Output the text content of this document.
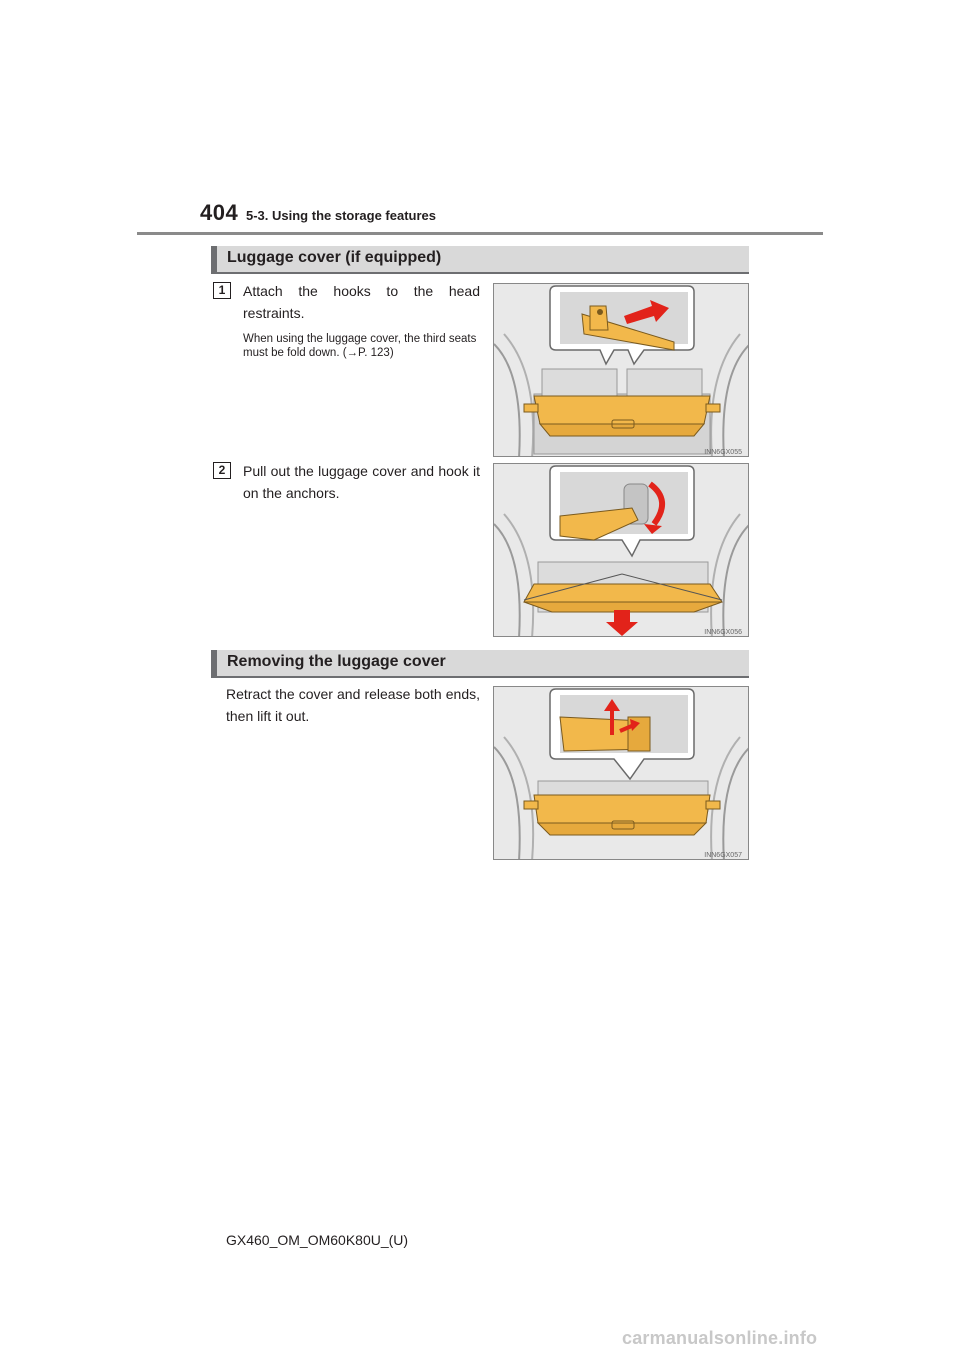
404 5-3. Using the storage features
Luggage cover (if equipped)
1	Attach the hooks to the head restraints.
When using the luggage cover, the third seats must be fold down. (→P. 123)
INN6GX055
2	Pull out the luggage cover and hook it on the anchors.
INN6GX056
Removing the luggage cover
Retract the cover and release both ends, then lift it out.
INN6GX057
GX460_OM_OM60K80U_(U)
carmanualsonline.info
